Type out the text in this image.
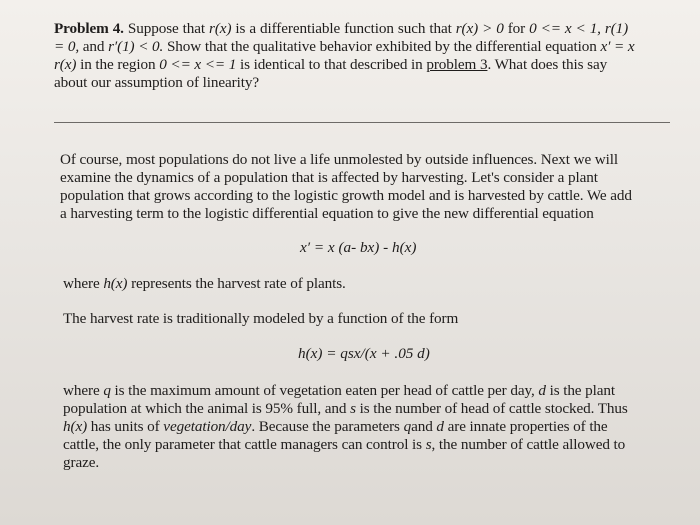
Problem 4. Suppose that r(x) is a differentiable function such that r(x) > 0 for 0 <= x < 1, r(1)
= 0, and r′(1) < 0. Show that the qualitative behavior exhibited by the differential equation x′ = x
r(x) in the region 0 <= x <= 1 is identical to that described in problem 3. What does this say
about our assumption of linearity?

Of course, most populations do not live a life unmolested by outside influences. Next we will
examine the dynamics of a population that is affected by harvesting. Let's consider a plant
population that grows according to the logistic growth model and is harvested by cattle. We add
a harvesting term to the logistic differential equation to give the new differential equation

x′ = x (a- bx) - h(x)

where h(x) represents the harvest rate of plants.

The harvest rate is traditionally modeled by a function of the form

h(x) = qsx/(x + .05 d)

where q is the maximum amount of vegetation eaten per head of cattle per day, d is the plant
population at which the animal is 95% full, and s is the number of head of cattle stocked. Thus
h(x) has units of vegetation/day. Because the parameters qand d are innate properties of the
cattle, the only parameter that cattle managers can control is s, the number of cattle allowed to
graze.
